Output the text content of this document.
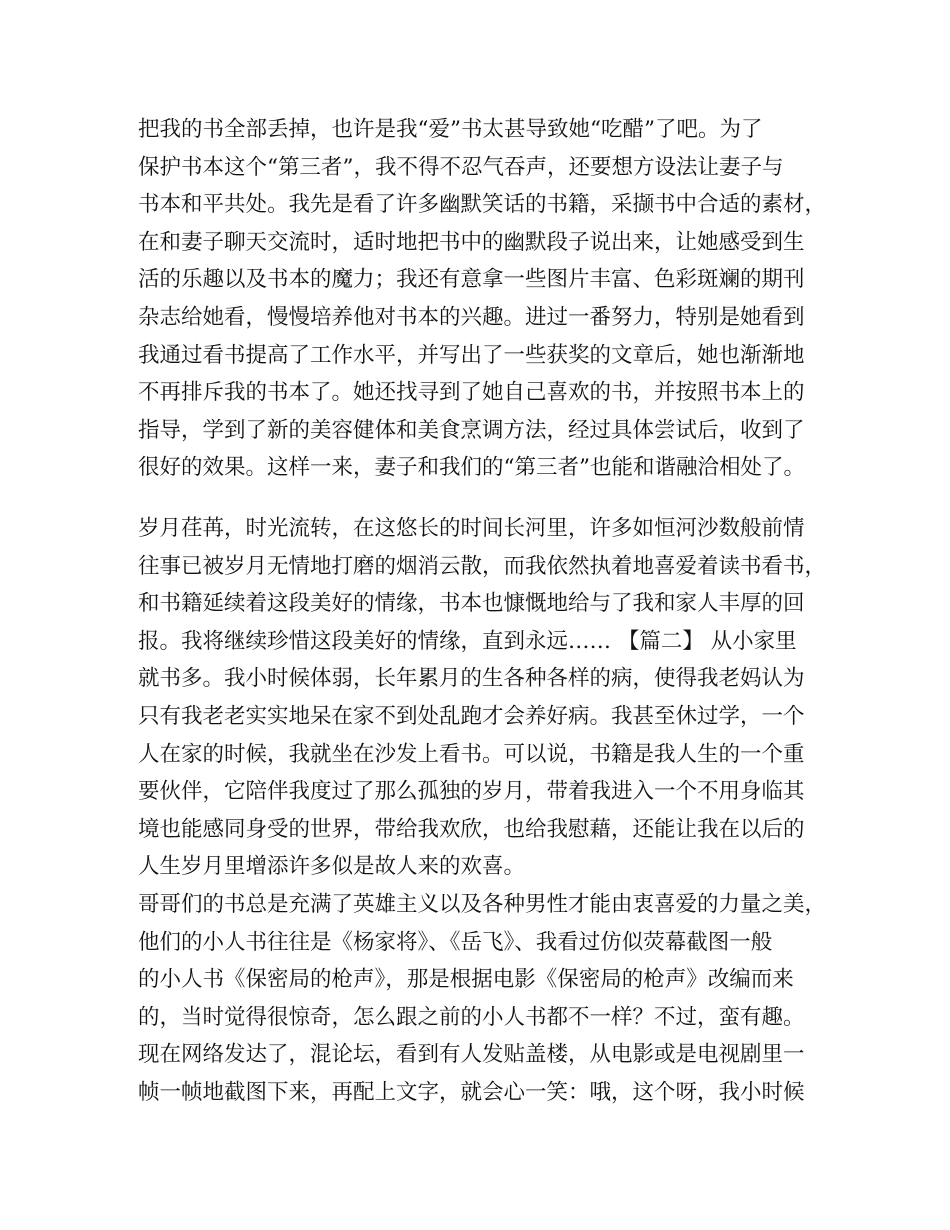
把我的书全部丢掉，也许是我“爱”书太甚导致她“吃醋”了吧。为了
保护书本这个“第三者”，我不得不忍气吞声，还要想方设法让妻子与
书本和平共处。我先是看了许多幽默笑话的书籍，采撷书中合适的素材，
在和妻子聊天交流时，适时地把书中的幽默段子说出来，让她感受到生
活的乐趣以及书本的魔力；我还有意拿一些图片丰富、色彩斑斓的期刊
杂志给她看，慢慢培养他对书本的兴趣。进过一番努力，特别是她看到
我通过看书提高了工作水平，并写出了一些获奖的文章后，她也渐渐地
不再排斥我的书本了。她还找寻到了她自己喜欢的书，并按照书本上的
指导，学到了新的美容健体和美食烹调方法，经过具体尝试后，收到了
很好的效果。这样一来，妻子和我们的“第三者”也能和谐融洽相处了。
岁月荏苒，时光流转，在这悠长的时间长河里，许多如恒河沙数般前情
往事已被岁月无情地打磨的烟消云散，而我依然执着地喜爱着读书看书，
和书籍延续着这段美好的情缘，书本也慷慨地给与了我和家人丰厚的回
报。我将继续珍惜这段美好的情缘，直到永远…… 【篇二】 从小家里
就书多。我小时候体弱，长年累月的生各种各样的病，使得我老妈认为
只有我老老实实地呆在家不到处乱跑才会养好病。我甚至休过学，一个
人在家的时候，我就坐在沙发上看书。可以说，书籍是我人生的一个重
要伙伴，它陪伴我度过了那么孤独的岁月，带着我进入一个不用身临其
境也能感同身受的世界，带给我欢欣，也给我慰藉，还能让我在以后的
人生岁月里增添许多似是故人来的欢喜。
哥哥们的书总是充满了英雄主义以及各种男性才能由衷喜爱的力量之美，
他们的小人书往往是《杨家将》、《岳飞》、我看过仿似荧幕截图一般
的小人书《保密局的枪声》，那是根据电影《保密局的枪声》改编而来
的，当时觉得很惊奇，怎么跟之前的小人书都不一样？不过，蛮有趣。
现在网络发达了，混论坛，看到有人发贴盖楼，从电影或是电视剧里一
帧一帧地截图下来，再配上文字，就会心一笑：哦，这个呀，我小时候
